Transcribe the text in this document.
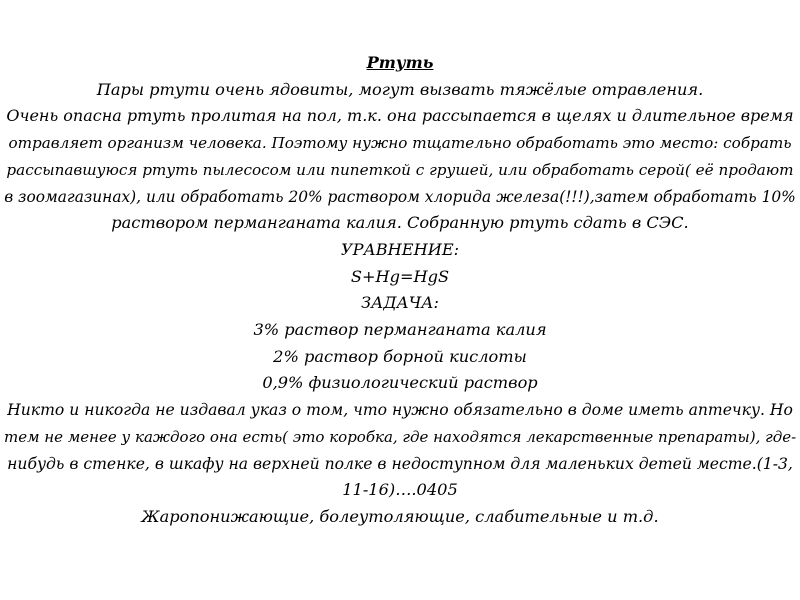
Ртуть
Пары ртути очень ядовиты, могут вызвать тяжёлые отравления.
Очень опасна ртуть пролитая на пол, т.к. она рассыпается в щелях и длительное время
отравляет организм человека. Поэтому нужно тщательно обработать это место: собрать
рассыпавшуюся ртуть пылесосом или пипеткой с грушей, или обработать серой( её продают
в зоомагазинах), или обработать 20% раствором хлорида железа(!!!),затем обработать 10%
раствором перманганата калия. Собранную ртуть сдать в СЭС.
УРАВНЕНИЕ:
S+Hg=HgS
ЗАДАЧА:
3% раствор перманганата калия
2% раствор борной кислоты
0,9% физиологический раствор
Никто и никогда не издавал указ о том, что нужно обязательно в доме иметь аптечку. Но
тем не менее у каждого она есть( это коробка, где находятся лекарственные препараты), где-
нибудь в стенке, в шкафу на верхней полке в недоступном для маленьких детей месте.(1-3,
11-16)….0405
Жаропонижающие, болеутоляющие, слабительные и т.д.
